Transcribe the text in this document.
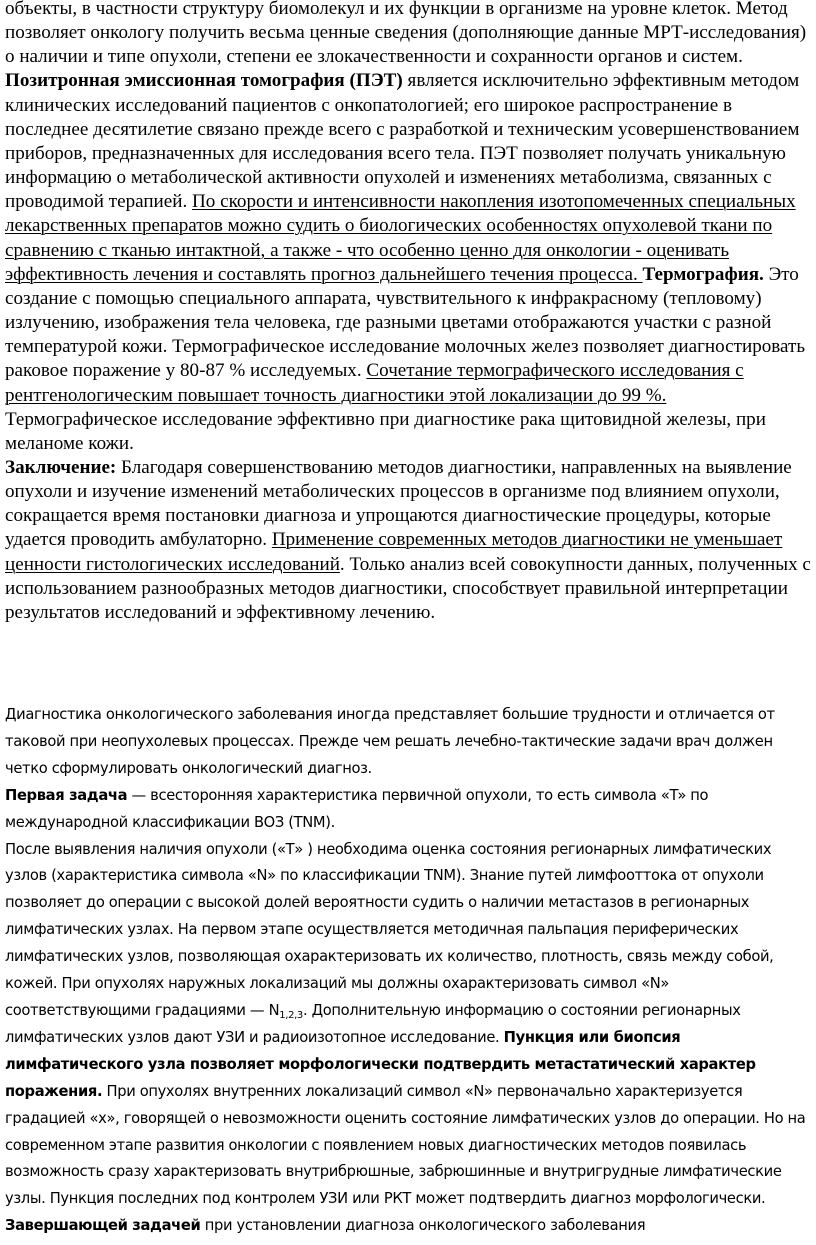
объекты, в частности структуру биомолекул и их функции в организме на уровне клеток. Метод позволяет онкологу получить весьма ценные сведения (дополняющие данные МРТ-исследования) о наличии и типе опухоли, степени ее злокачественности и сохранности органов и систем. Позитронная эмиссионная томография (ПЭТ) является исключительно эффективным методом клинических исследований пациентов с онкопатологией; его широкое распространение в последнее десятилетие связано прежде всего с разработкой и техническим усовершенствованием приборов, предназначенных для исследования всего тела. ПЭТ позволяет получать уникальную информацию о метаболической активности опухолей и изменениях метаболизма, связанных с проводимой терапией. По скорости и интенсивности накопления изотопомеченных специальных лекарственных препаратов можно судить о биологических особенностях опухолевой ткани по сравнению с тканью интактной, а также - что особенно ценно для онкологии - оценивать эффективность лечения и составлять прогноз дальнейшего течения процесса. Термография. Это создание с помощью специального аппарата, чувствительного к инфракрасному (тепловому) излучению, изображения тела человека, где разными цветами отображаются участки с разной температурой кожи. Термографическое исследование молочных желез позволяет диагностировать раковое поражение у 80-87 % исследуемых. Сочетание термографического исследования с рентгенологическим повышает точность диагностики этой локализации до 99 %. Термографическое исследование эффективно при диагностике рака щитовидной железы, при меланоме кожи.

Заключение: Благодаря совершенствованию методов диагностики, направленных на выявление опухоли и изучение изменений метаболических процессов в организме под влиянием опухоли, сокращается время постановки диагноза и упрощаются диагностические процедуры, которые удается проводить амбулаторно. Применение современных методов диагностики не уменьшает ценности гистологических исследований. Только анализ всей совокупности данных, полученных с использованием разнообразных методов диагностики, способствует правильной интерпретации результатов исследований и эффективному лечению.

Диагностика онкологического заболевания иногда представляет большие трудности и отличается от таковой при неопухолевых процессах. Прежде чем решать лечебно-тактические задачи врач должен четко сформулировать онкологический диагноз.

Первая задача — всесторонняя характеристика первичной опухоли, то есть символа «T» по международной классификации ВОЗ (TNM).

После выявления наличия опухоли («Т» ) необходима оценка состояния регионарных лимфатических узлов (характеристика символа «N» по классификации TNM). Знание путей лимфооттока от опухоли позволяет до операции с высокой долей вероятности судить о наличии метастазов в регионарных лимфатических узлах. На первом этапе осуществляется методичная пальпация периферических лимфатических узлов, позволяющая охарактеризовать их количество, плотность, связь между собой, кожей. При опухолях наружных локализаций мы должны охарактеризовать символ «N» соответствующими градациями — $N_{1,2,3}$. Дополнительную информацию о состоянии регионарных лимфатических узлов дают УЗИ и радиоизотопное исследование. Пункция или биопсия лимфатического узла позволяет морфологически подтвердить метастатический характер поражения. При опухолях внутренних локализаций символ «N» первоначально характеризуется градацией «х», говорящей о невозможности оценить состояние лимфатических узлов до операции. Но на современном этапе развития онкологии с появлением новых диагностических методов появилась возможность сразу характеризовать внутрибрюшные, забрюшинные и внутригрудные лимфатические узлы. Пункция последних под контролем УЗИ или РКТ может подтвердить диагноз морфологически.

Завершающей задачей при установлении диагноза онкологического заболевания
